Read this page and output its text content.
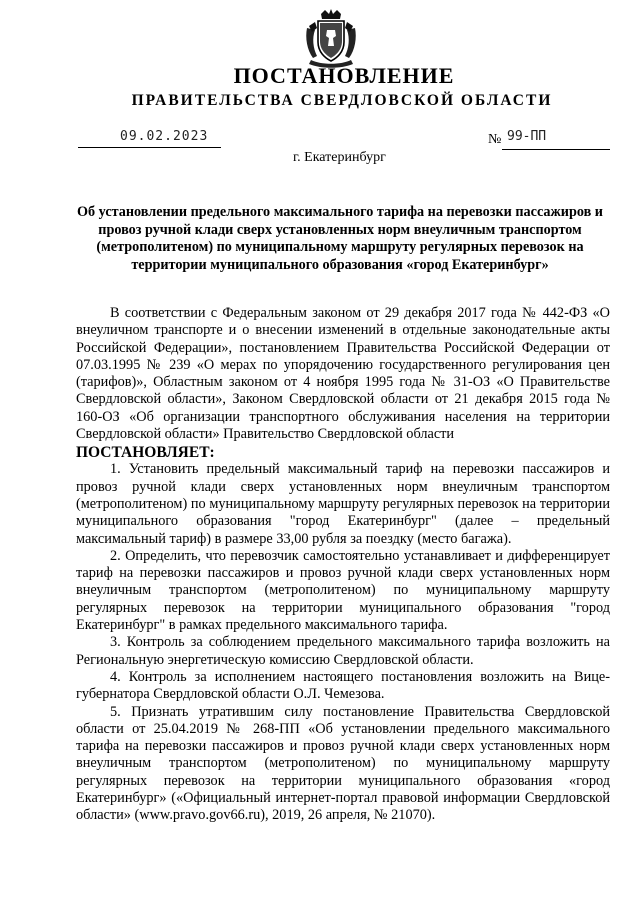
ПОСТАНОВЛЕНИЕ
ПРАВИТЕЛЬСТВА СВЕРДЛОВСКОЙ ОБЛАСТИ
09.02.2023	№ 99-ПП
г. Екатеринбург
Об установлении предельного максимального тарифа на перевозки пассажиров и провоз ручной клади сверх установленных норм внеуличным транспортом (метрополитеном) по муниципальному маршруту регулярных перевозок на территории муниципального образования «город Екатеринбург»

В соответствии с Федеральным законом от 29 декабря 2017 года № 442-ФЗ «О внеуличном транспорте и о внесении изменений в отдельные законодательные акты Российской Федерации», постановлением Правительства Российской Федерации от 07.03.1995 № 239 «О мерах по упорядочению государственного регулирования цен (тарифов)», Областным законом от 4 ноября 1995 года № 31-ОЗ «О Правительстве Свердловской области», Законом Свердловской области от 21 декабря 2015 года № 160-ОЗ «Об организации транспортного обслуживания населения на территории Свердловской области» Правительство Свердловской области

ПОСТАНОВЛЯЕТ:

1. Установить предельный максимальный тариф на перевозки пассажиров и провоз ручной клади сверх установленных норм внеуличным транспортом (метрополитеном) по муниципальному маршруту регулярных перевозок на территории муниципального образования "город Екатеринбург" (далее – предельный максимальный тариф) в размере 33,00 рубля за поездку (место багажа).

2. Определить, что перевозчик самостоятельно устанавливает и дифференцирует тариф на перевозки пассажиров и провоз ручной клади сверх установленных норм внеуличным транспортом (метрополитеном) по муниципальному маршруту регулярных перевозок на территории муниципального образования "город Екатеринбург" в рамках предельного максимального тарифа.

3. Контроль за соблюдением предельного максимального тарифа возложить на Региональную энергетическую комиссию Свердловской области.

4. Контроль за исполнением настоящего постановления возложить на Вице-губернатора Свердловской области О.Л. Чемезова.

5. Признать утратившим силу постановление Правительства Свердловской области от 25.04.2019 № 268-ПП «Об установлении предельного максимального тарифа на перевозки пассажиров и провоз ручной клади сверх установленных норм внеуличным транспортом (метрополитеном) по муниципальному маршруту регулярных перевозок на территории муниципального образования «город Екатеринбург» («Официальный интернет-портал правовой информации Свердловской области» (www.pravo.gov66.ru), 2019, 26 апреля, № 21070).
